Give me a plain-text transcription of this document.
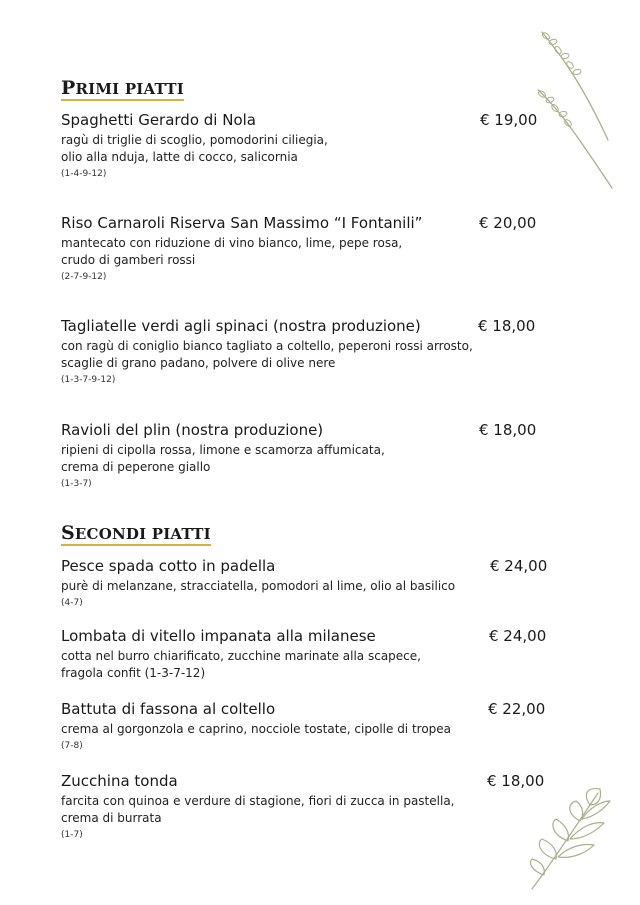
PRIMI PIATTI
Spaghetti Gerardo di Nola	€ 19,00
ragù di triglie di scoglio, pomodorini ciliegia,
olio alla nduja, latte di cocco, salicornia
(1-4-9-12)
Riso Carnaroli Riserva San Massimo “I Fontanili”	€ 20,00
mantecato con riduzione di vino bianco, lime, pepe rosa,
crudo di gamberi rossi
(2-7-9-12)
Tagliatelle verdi agli spinaci (nostra produzione)	€ 18,00
con ragù di coniglio bianco tagliato a coltello, peperoni rossi arrosto,
scaglie di grano padano, polvere di olive nere
(1-3-7-9-12)
Ravioli del plin (nostra produzione)	€ 18,00
ripieni di cipolla rossa, limone e scamorza affumicata,
crema di peperone giallo
(1-3-7)
SECONDI PIATTI
Pesce spada cotto in padella	€ 24,00
purè di melanzane, stracciatella, pomodori al lime, olio al basilico
(4-7)
Lombata di vitello impanata alla milanese	€ 24,00
cotta nel burro chiarificato, zucchine marinate alla scapece,
fragola confit (1-3-7-12)
Battuta di fassona al coltello	€ 22,00
crema al gorgonzola e caprino, nocciole tostate, cipolle di tropea
(7-8)
Zucchina tonda	€ 18,00
farcita con quinoa e verdure di stagione, fiori di zucca in pastella,
crema di burrata
(1-7)
